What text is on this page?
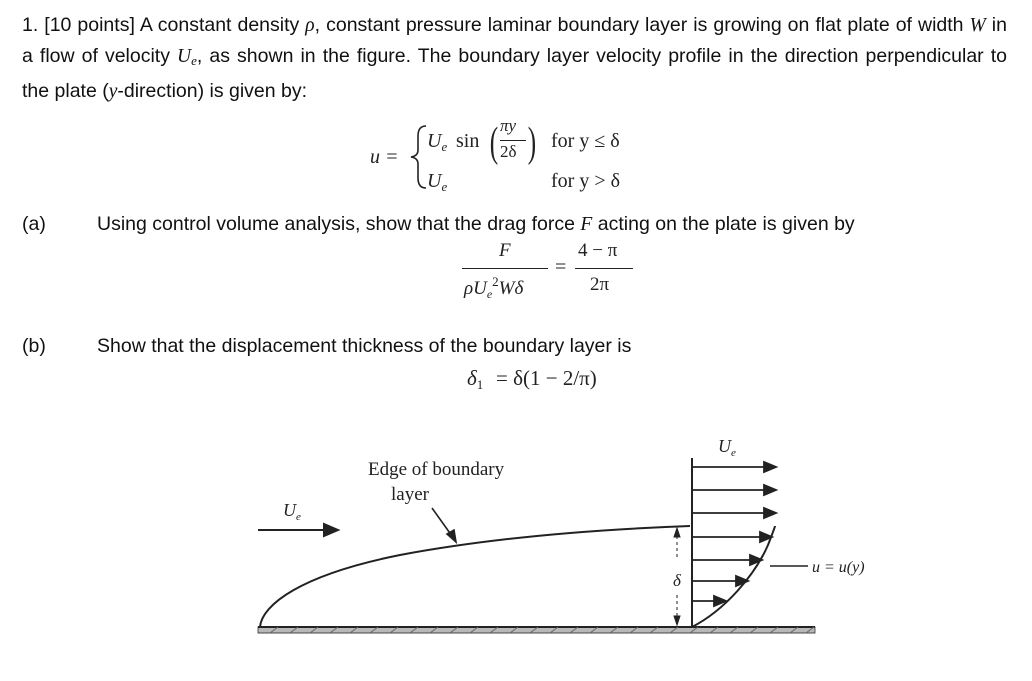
1. [10 points] A constant density ρ, constant pressure laminar boundary layer is growing on flat plate of width W in a flow of velocity $U_e$, as shown in the figure. The boundary layer velocity profile in the direction perpendicular to the plate (y-direction) is given by:
u =
$U_e$ sin ( πy
2δ ) for y ≤ δ
$U_e$	for y > δ
(a)	Using control volume analysis, show that the drag force F acting on the plate is given by
F
$\rho U_e^2W\delta$
=
4 − π
2π
(b)	Show that the displacement thickness of the boundary layer is
δ1 = δ(1 − 2/π)
δ
$U_e$
$U_e$
Edge of boundary
layer
u = u(y)
